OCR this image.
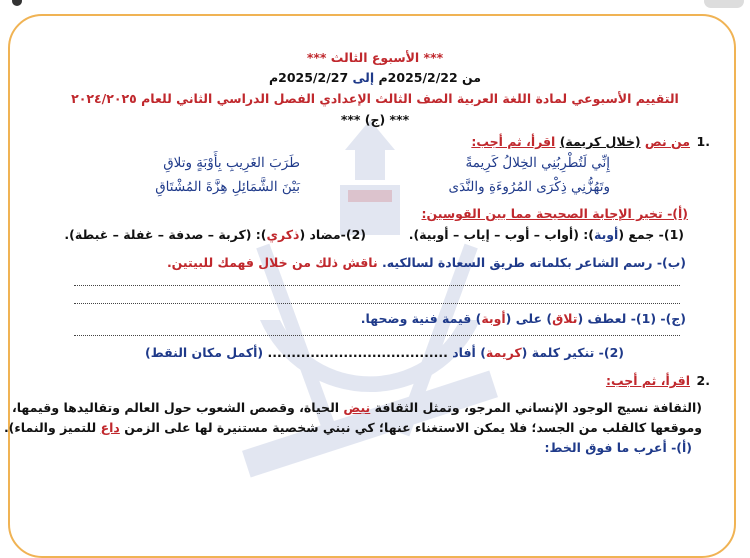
*** الأسبوع الثالث ***
من 2025/2/22م إلى 2025/2/27م
التقييم الأسبوعي لمادة اللغة العربية الصف الثالث الإعدادي الفصل الدراسي الثاني للعام ٢٠٢٤/٢٠٢٥
*** (ج) ***
.1
من نص (خلال كريمة) اقرأ، ثم أجب:
إِنِّي لَتُطْرِبُنِي الخِلالُ كَرِيمةً
طَرَبَ الغَرِيبِ بِأَوْبَةٍ وتلاقِ
وتَهُزُّنِي ذِكْرَى المُرُوءَةِ والنَّدَى
بَيْنَ الشَّمَائِلِ هِزَّةَ المُشْتَاقِ
(أ)- تخير الإجابة الصحيحة مما بين القوسين:
(1)- جمع (أوبة): (أواب – أوب – إياب – أوبية).
(2)-مضاد (ذكري): (كربة – صدفة – غفلة – غبطة).
(ب)- رسم الشاعر بكلماته طريق السعادة لسالكيه. ناقش ذلك من خلال فهمك للبيتين.
(ج)- (1)- لعطف (تلاق) على (أوبة) قيمة فنية وضحها.
(2)- تنكير كلمة (كريمة) أفاد ...................................... (أكمل مكان النقط)
.2
اقرأ، ثم أجب:
(الثقافة نسيج الوجود الإنساني المرجو، وتمثل الثقافة نبض الحياة، وقصص الشعوب حول العالم وتقاليدها وقيمها،
وموقعها كالقلب من الجسد؛ فلا يمكن الاستغناء عنها؛ كي نبني شخصية مستنيرة لها على الزمن داع للتميز والنماء).
(أ)- أعرب ما فوق الخط:
